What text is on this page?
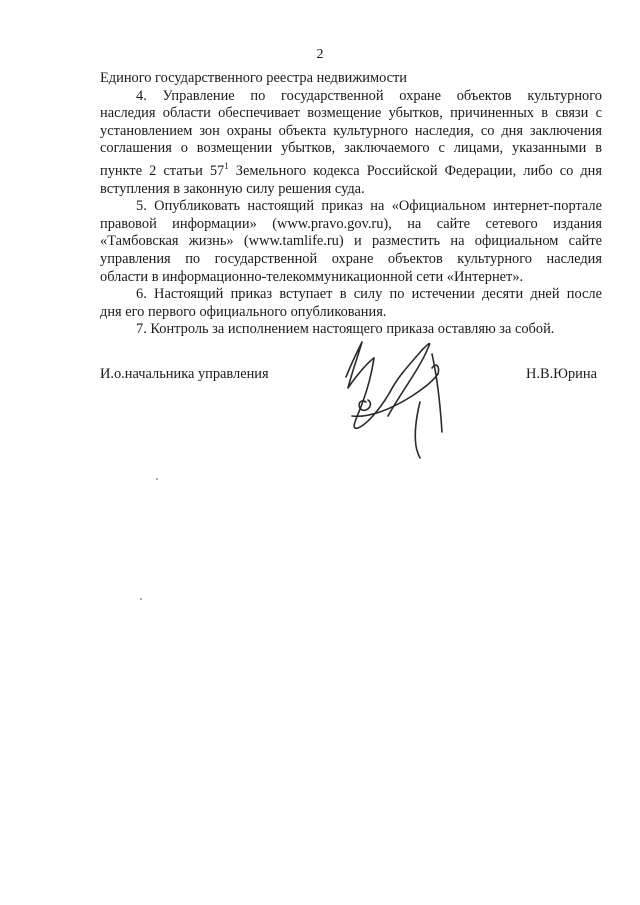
2

Единого государственного реестра недвижимости

4. Управление по государственной охране объектов культурного
наследия области обеспечивает возмещение убытков, причиненных в связи с
установлением зон охраны объекта культурного наследия, со дня заключения
соглашения о возмещении убытков, заключаемого с лицами, указанными в
пункте 2 статьи $57^1$ Земельного кодекса Российской Федерации, либо со дня
вступления в законную силу решения суда.

5. Опубликовать настоящий приказ на «Официальном интернет-портале
правовой информации» (www.pravo.gov.ru), на сайте сетевого издания
«Тамбовская жизнь» (www.tamlife.ru) и разместить на официальном сайте
управления по государственной охране объектов культурного наследия
области в информационно-телекоммуникационной сети «Интернет».

6. Настоящий приказ вступает в силу по истечении десяти дней после
дня его первого официального опубликования.

7. Контроль за исполнением настоящего приказа оставляю за собой.

И.о.начальника управления	Н.В.Юрина
